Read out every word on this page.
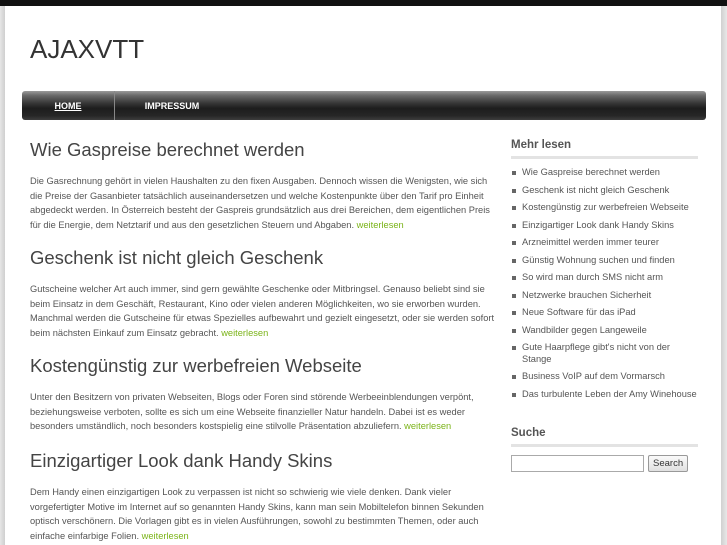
AJAXVTT
HOME	IMPRESSUM
Wie Gaspreise berechnet werden

Die Gasrechnung gehört in vielen Haushalten zu den fixen Ausgaben. Dennoch wissen die Wenigsten, wie sich die Preise der Gasanbieter tatsächlich auseinandersetzen und welche Kostenpunkte über den Tarif pro Einheit abgedeckt werden. In Österreich besteht der Gaspreis grundsätzlich aus drei Bereichen, dem eigentlichen Preis für die Energie, dem Netztarif und aus den gesetzlichen Steuern und Abgaben. weiterlesen

Geschenk ist nicht gleich Geschenk

Gutscheine welcher Art auch immer, sind gern gewählte Geschenke oder Mitbringsel. Genauso beliebt sind sie beim Einsatz in dem Geschäft, Restaurant, Kino oder vielen anderen Möglichkeiten, wo sie erworben wurden. Manchmal werden die Gutscheine für etwas Spezielles aufbewahrt und gezielt eingesetzt, oder sie werden sofort beim nächsten Einkauf zum Einsatz gebracht. weiterlesen

Kostengünstig zur werbefreien Webseite

Unter den Besitzern von privaten Webseiten, Blogs oder Foren sind störende Werbeeinblendungen verpönt, beziehungsweise verboten, sollte es sich um eine Webseite finanzieller Natur handeln. Dabei ist es weder besonders umständlich, noch besonders kostspielig eine stilvolle Präsentation abzuliefern. weiterlesen

Einzigartiger Look dank Handy Skins

Dem Handy einen einzigartigen Look zu verpassen ist nicht so schwierig wie viele denken. Dank vieler vorgefertigter Motive im Internet auf so genannten Handy Skins, kann man sein Mobiltelefon binnen Sekunden optisch verschönern. Die Vorlagen gibt es in vielen Ausführungen, sowohl zu bestimmten Themen, oder auch einfache einfarbige Folien. weiterlesen

Mehr lesen
Wie Gaspreise berechnet werden
Geschenk ist nicht gleich Geschenk
Kostengünstig zur werbefreien Webseite
Einzigartiger Look dank Handy Skins
Arzneimittel werden immer teurer
Günstig Wohnung suchen und finden
So wird man durch SMS nicht arm
Netzwerke brauchen Sicherheit
Neue Software für das iPad
Wandbilder gegen Langeweile
Gute Haarpflege gibt's nicht von der Stange
Business VoIP auf dem Vormarsch
Das turbulente Leben der Amy Winehouse
Suche
Search
